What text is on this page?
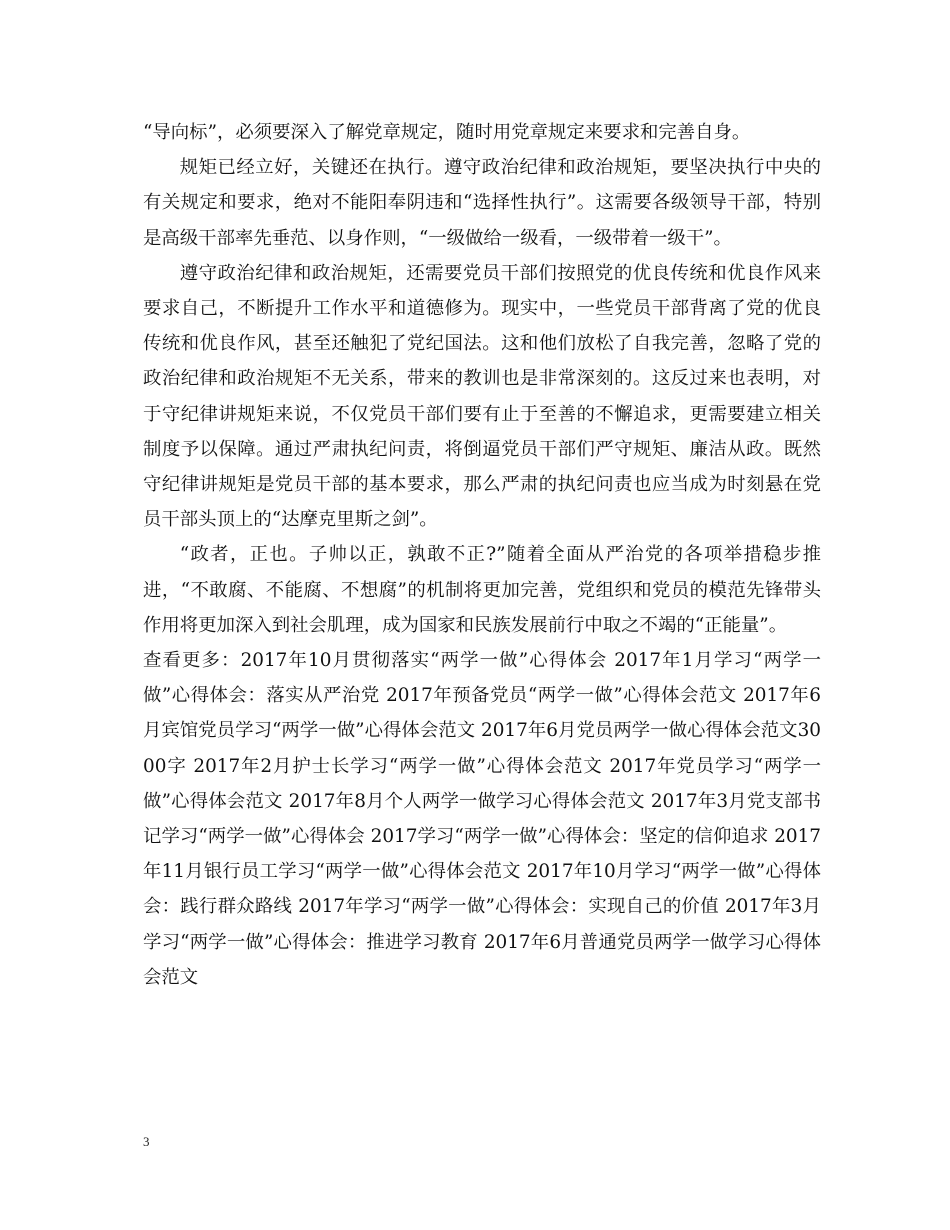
“导向标”，必须要深入了解党章规定，随时用党章规定来要求和完善自身。

规矩已经立好，关键还在执行。遵守政治纪律和政治规矩，要坚决执行中央的有关规定和要求，绝对不能阳奉阴违和“选择性执行”。这需要各级领导干部，特别是高级干部率先垂范、以身作则，“一级做给一级看，一级带着一级干”。

遵守政治纪律和政治规矩，还需要党员干部们按照党的优良传统和优良作风来要求自己，不断提升工作水平和道德修为。现实中，一些党员干部背离了党的优良传统和优良作风，甚至还触犯了党纪国法。这和他们放松了自我完善，忽略了党的政治纪律和政治规矩不无关系，带来的教训也是非常深刻的。这反过来也表明，对于守纪律讲规矩来说，不仅党员干部们要有止于至善的不懈追求，更需要建立相关制度予以保障。通过严肃执纪问责，将倒逼党员干部们严守规矩、廉洁从政。既然守纪律讲规矩是党员干部的基本要求，那么严肃的执纪问责也应当成为时刻悬在党员干部头顶上的“达摩克里斯之剑”。

“政者，正也。子帅以正，孰敢不正?”随着全面从严治党的各项举措稳步推进，“不敢腐、不能腐、不想腐”的机制将更加完善，党组织和党员的模范先锋带头作用将更加深入到社会肌理，成为国家和民族发展前行中取之不竭的“正能量”。

查看更多：2017年10月贯彻落实“两学一做”心得体会 2017年1月学习“两学一做”心得体会：落实从严治党 2017年预备党员“两学一做”心得体会范文 2017年6月宾馆党员学习“两学一做”心得体会范文 2017年6月党员两学一做心得体会范文3000字 2017年2月护士长学习“两学一做”心得体会范文 2017年党员学习“两学一做”心得体会范文 2017年8月个人两学一做学习心得体会范文 2017年3月党支部书记学习“两学一做”心得体会 2017学习“两学一做”心得体会：坚定的信仰追求 2017年11月银行员工学习“两学一做”心得体会范文 2017年10月学习“两学一做”心得体会：践行群众路线 2017年学习“两学一做”心得体会：实现自己的价值 2017年3月学习“两学一做”心得体会：推进学习教育 2017年6月普通党员两学一做学习心得体会范文

3
